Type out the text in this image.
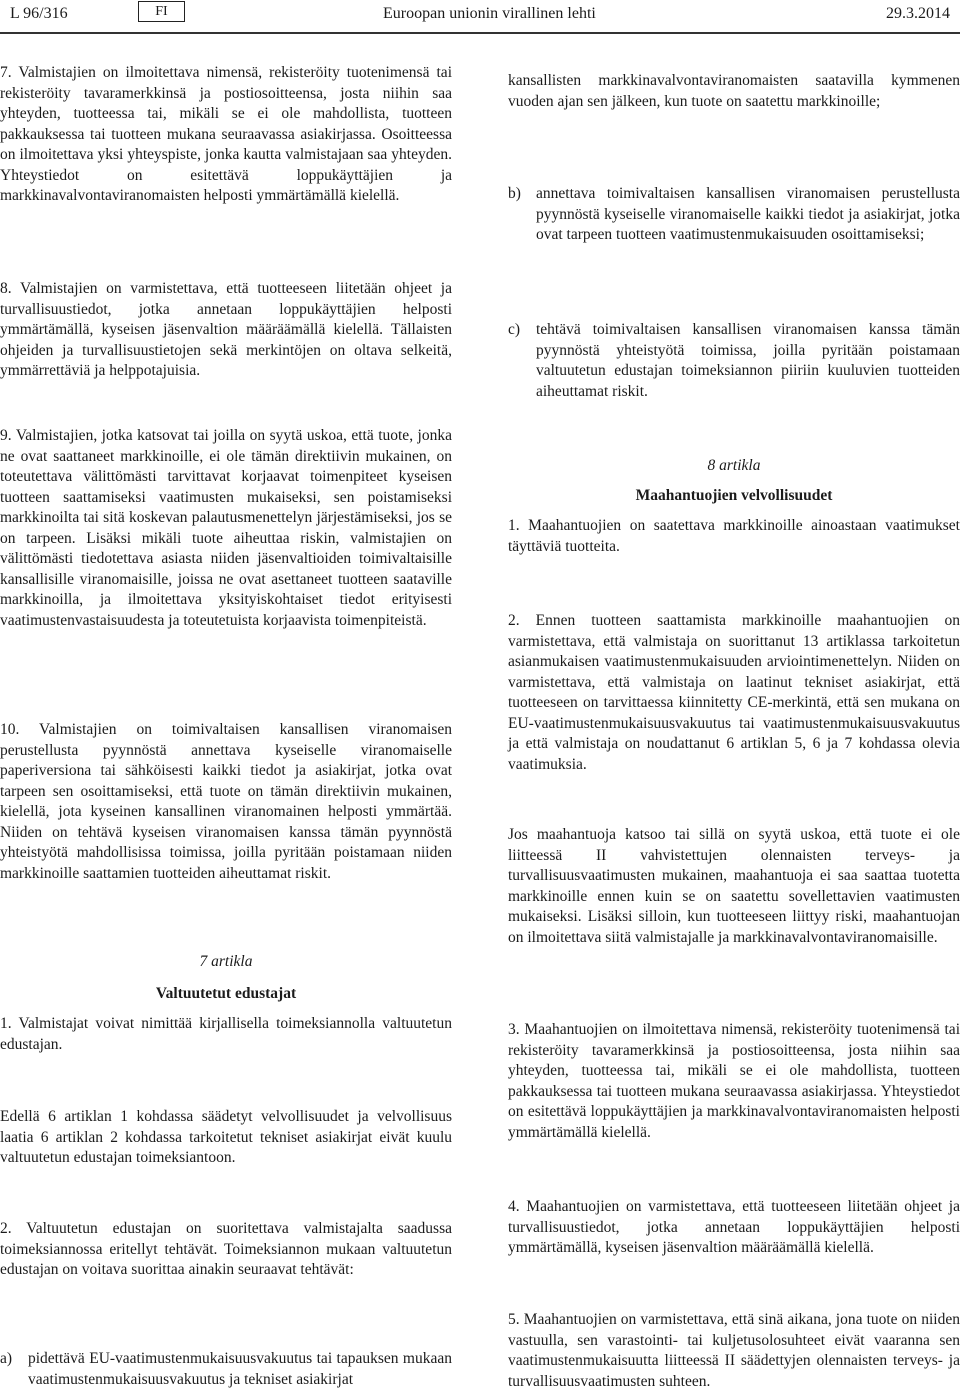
L 96/316	FI	Euroopan unionin virallinen lehti	29.3.2014

7. Valmistajien on ilmoitettava nimensä, rekisteröity tuotenimensä tai rekisteröity tavaramerkkinsä ja postiosoitteensa, josta niihin saa yhteyden, tuotteessa tai, mikäli se ei ole mahdollista, tuotteen pakkauksessa tai tuotteen mukana seuraavassa asiakirjassa. Osoitteessa on ilmoitettava yksi yhteyspiste, jonka kautta valmistajaan saa yhteyden. Yhteystiedot on esitettävä loppukäyttäjien ja markkinavalvontaviranomaisten helposti ymmärtämällä kielellä.

8. Valmistajien on varmistettava, että tuotteeseen liitetään ohjeet ja turvallisuustiedot, jotka annetaan loppukäyttäjien helposti ymmärtämällä, kyseisen jäsenvaltion määräämällä kielellä. Tällaisten ohjeiden ja turvallisuustietojen sekä merkintöjen on oltava selkeitä, ymmärrettäviä ja helppotajuisia.

9. Valmistajien, jotka katsovat tai joilla on syytä uskoa, että tuote, jonka ne ovat saattaneet markkinoille, ei ole tämän direktiivin mukainen, on toteutettava välittömästi tarvittavat korjaavat toimenpiteet kyseisen tuotteen saattamiseksi vaatimusten mukaiseksi, sen poistamiseksi markkinoilta tai sitä koskevan palautusmenettelyn järjestämiseksi, jos se on tarpeen. Lisäksi mikäli tuote aiheuttaa riskin, valmistajien on välittömästi tiedotettava asiasta niiden jäsenvaltioiden toimivaltaisille kansallisille viranomaisille, joissa ne ovat asettaneet tuotteen saataville markkinoilla, ja ilmoitettava yksityiskohtaiset tiedot erityisesti vaatimustenvastaisuudesta ja toteutetuista korjaavista toimenpiteistä.

10. Valmistajien on toimivaltaisen kansallisen viranomaisen perustellusta pyynnöstä annettava kyseiselle viranomaiselle paperiversiona tai sähköisesti kaikki tiedot ja asiakirjat, jotka ovat tarpeen sen osoittamiseksi, että tuote on tämän direktiivin mukainen, kielellä, jota kyseinen kansallinen viranomainen helposti ymmärtää. Niiden on tehtävä kyseisen viranomaisen kanssa tämän pyynnöstä yhteistyötä mahdollisissa toimissa, joilla pyritään poistamaan niiden markkinoille saattamien tuotteiden aiheuttamat riskit.

7 artikla
Valtuutetut edustajat

1. Valmistajat voivat nimittää kirjallisella toimeksiannolla valtuutetun edustajan.

Edellä 6 artiklan 1 kohdassa säädetyt velvollisuudet ja velvollisuus laatia 6 artiklan 2 kohdassa tarkoitetut tekniset asiakirjat eivät kuulu valtuutetun edustajan toimeksiantoon.

2. Valtuutetun edustajan on suoritettava valmistajalta saadussa toimeksiannossa eritellyt tehtävät. Toimeksiannon mukaan valtuutetun edustajan on voitava suorittaa ainakin seuraavat tehtävät:

a)	pidettävä EU-vaatimustenmukaisuusvakuutus tai tapauksen mukaan vaatimustenmukaisuusvakuutus ja tekniset asiakirjat

kansallisten markkinavalvontaviranomaisten saatavilla kymmenen vuoden ajan sen jälkeen, kun tuote on saatettu markkinoille;

b) annettava toimivaltaisen kansallisen viranomaisen perustellusta pyynnöstä kyseiselle viranomaiselle kaikki tiedot ja asiakirjat, jotka ovat tarpeen tuotteen vaatimustenmukaisuuden osoittamiseksi;
c)	tehtävä toimivaltaisen kansallisen viranomaisen kanssa tämän pyynnöstä yhteistyötä toimissa, joilla pyritään poistamaan valtuutetun edustajan toimeksiannon piiriin kuuluvien tuotteiden aiheuttamat riskit.
8 artikla
Maahantuojien velvollisuudet

1. Maahantuojien on saatettava markkinoille ainoastaan vaatimukset täyttäviä tuotteita.

2. Ennen tuotteen saattamista markkinoille maahantuojien on varmistettava, että valmistaja on suorittanut 13 artiklassa tarkoitetun asianmukaisen vaatimustenmukaisuuden arviointimenettelyn. Niiden on varmistettava, että valmistaja on laatinut tekniset asiakirjat, että tuotteeseen on tarvittaessa kiinnitetty CE-merkintä, että sen mukana on EU-vaatimustenmukaisuusvakuutus tai vaatimustenmukaisuusvakuutus ja että valmistaja on noudattanut 6 artiklan 5, 6 ja 7 kohdassa olevia vaatimuksia.

Jos maahantuoja katsoo tai sillä on syytä uskoa, että tuote ei ole liitteessä II vahvistettujen olennaisten terveys- ja turvallisuusvaatimusten mukainen, maahantuoja ei saa saattaa tuotetta markkinoille ennen kuin se on saatettu sovellettavien vaatimusten mukaiseksi. Lisäksi silloin, kun tuotteeseen liittyy riski, maahantuojan on ilmoitettava siitä valmistajalle ja markkinavalvontaviranomaisille.

3. Maahantuojien on ilmoitettava nimensä, rekisteröity tuotenimensä tai rekisteröity tavaramerkkinsä ja postiosoitteensa, josta niihin saa yhteyden, tuotteessa tai, mikäli se ei ole mahdollista, tuotteen pakkauksessa tai tuotteen mukana seuraavassa asiakirjassa. Yhteystiedot on esitettävä loppukäyttäjien ja markkinavalvontaviranomaisten helposti ymmärtämällä kielellä.

4. Maahantuojien on varmistettava, että tuotteeseen liitetään ohjeet ja turvallisuustiedot, jotka annetaan loppukäyttäjien helposti ymmärtämällä, kyseisen jäsenvaltion määräämällä kielellä.

5. Maahantuojien on varmistettava, että sinä aikana, jona tuote on niiden vastuulla, sen varastointi- tai kuljetusolosuhteet eivät vaaranna sen vaatimustenmukaisuutta liitteessä II säädettyjen olennaisten terveys- ja turvallisuusvaatimusten suhteen.
